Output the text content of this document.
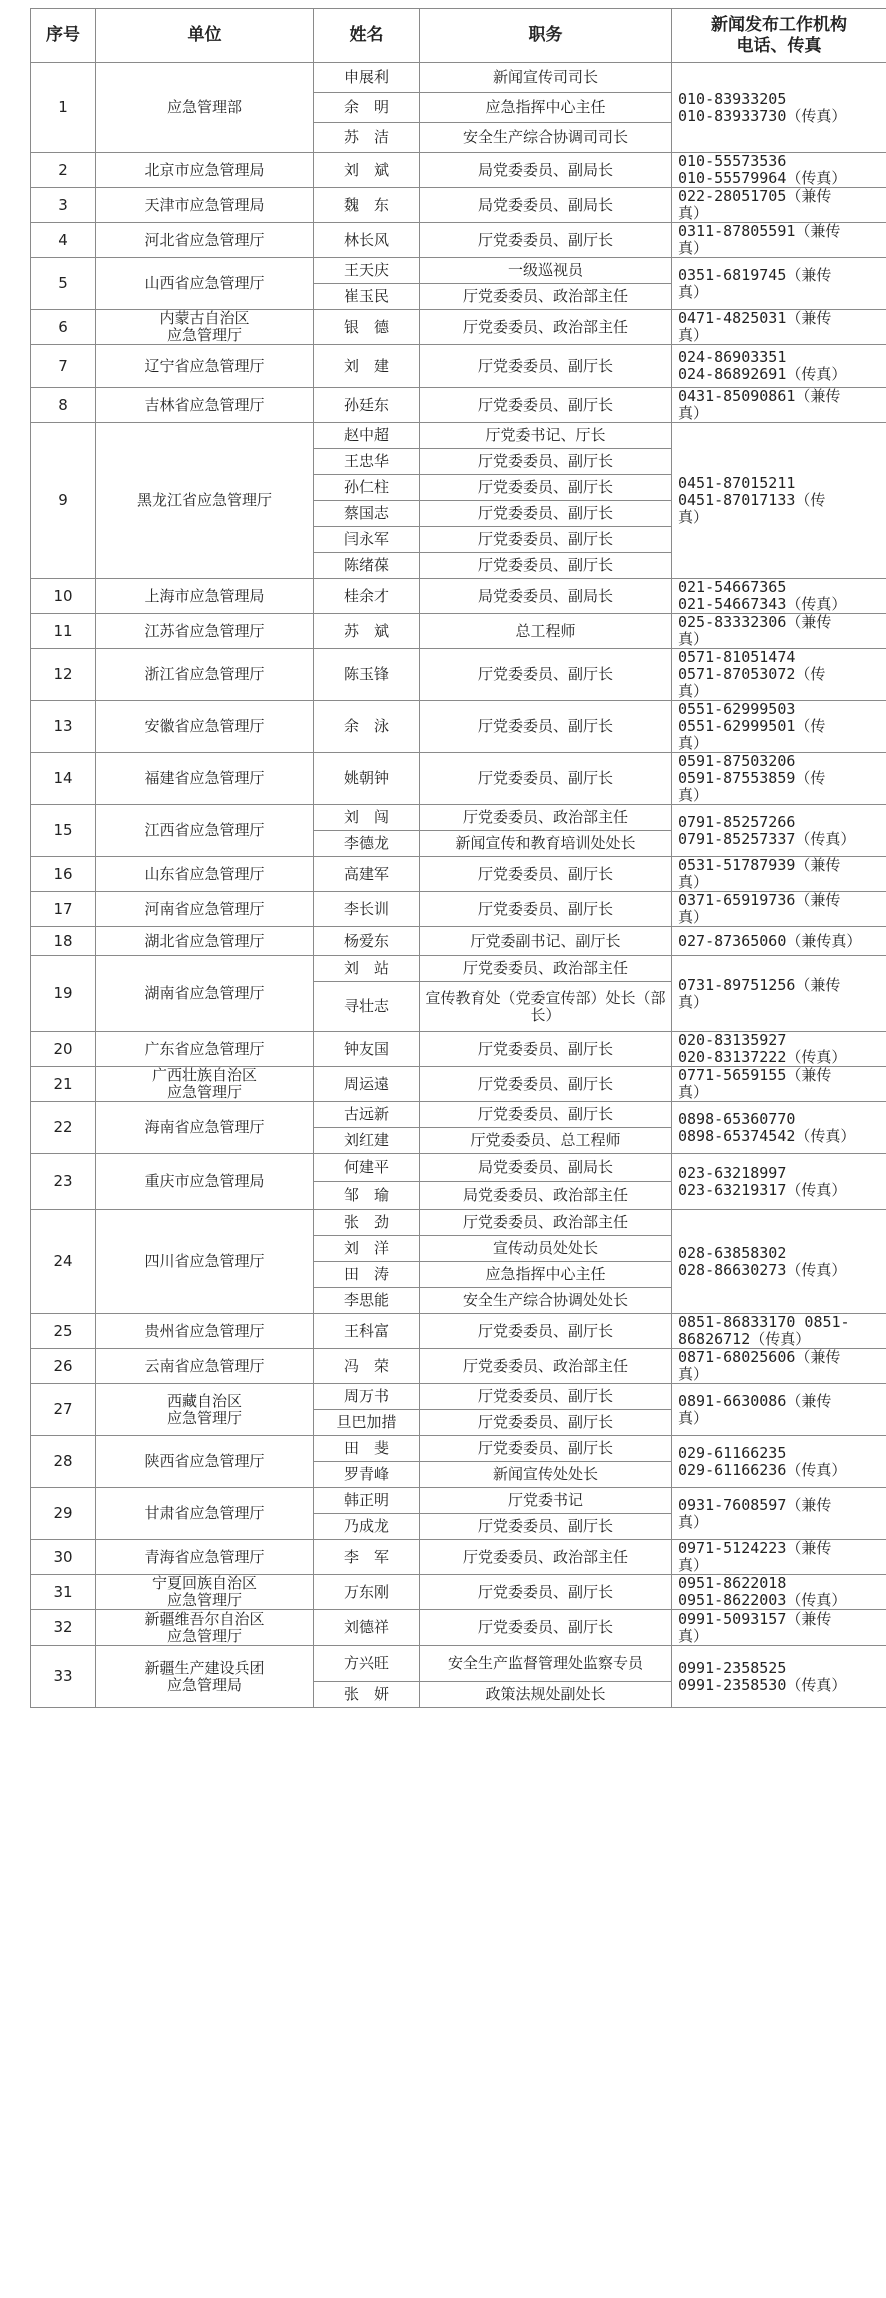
序号	单位	姓名	职务	新闻发布工作机构
电话、传真

1	应急管理部	申展利	新闻宣传司司长	010-83933205
010-83933730（传真）

		余　明	应急指挥中心主任	
		苏　洁	安全生产综合协调司司长	
2	北京市应急管理局	刘　斌	局党委委员、副局长	010-55573536
010-55579964（传真）

3	天津市应急管理局	魏　东	局党委委员、副局长	022-28051705（兼传
真）

4	河北省应急管理厅	林长风	厅党委委员、副厅长	0311-87805591（兼传
真）

5	山西省应急管理厅	王天庆	一级巡视员	0351-6819745（兼传
真）

		崔玉民	厅党委委员、政治部主任	
6	内蒙古自治区
应急管理厅	银　德	厅党委委员、政治部主任	0471-4825031（兼传
真）

7	辽宁省应急管理厅	刘　建	厅党委委员、副厅长	024-86903351
024-86892691（传真）

8	吉林省应急管理厅	孙廷东	厅党委委员、副厅长	0431-85090861（兼传
真）

9	黑龙江省应急管理厅	赵中超	厅党委书记、厅长	0451-87015211
0451-87017133（传
真）

		王忠华	厅党委委员、副厅长	
		孙仁柱	厅党委委员、副厅长	
		蔡国志	厅党委委员、副厅长	
		闫永军	厅党委委员、副厅长	
		陈绪葆	厅党委委员、副厅长	
10	上海市应急管理局	桂余才	局党委委员、副局长	021-54667365
021-54667343（传真）

11	江苏省应急管理厅	苏　斌	总工程师	025-83332306（兼传
真）

12	浙江省应急管理厅	陈玉锋	厅党委委员、副厅长	0571-81051474
0571-87053072（传
真）

13	安徽省应急管理厅	余　泳	厅党委委员、副厅长	0551-62999503
0551-62999501（传
真）

14	福建省应急管理厅	姚朝钟	厅党委委员、副厅长	0591-87503206
0591-87553859（传
真）

15	江西省应急管理厅	刘　闯	厅党委委员、政治部主任	0791-85257266
0791-85257337（传真）

		李德龙	新闻宣传和教育培训处处长	
16	山东省应急管理厅	高建军	厅党委委员、副厅长	0531-51787939（兼传
真）

17	河南省应急管理厅	李长训	厅党委委员、副厅长	0371-65919736（兼传
真）

18	湖北省应急管理厅	杨爱东	厅党委副书记、副厅长	027-87365060（兼传真）

19	湖南省应急管理厅	刘　站	厅党委委员、政治部主任	0731-89751256（兼传
真）

		寻壮志	宣传教育处（党委宣传部）处长（部长）	
20	广东省应急管理厅	钟友国	厅党委委员、副厅长	020-83135927
020-83137222（传真）

21	广西壮族自治区
应急管理厅	周运遠	厅党委委员、副厅长	0771-5659155（兼传
真）

22	海南省应急管理厅	古远新	厅党委委员、副厅长	0898-65360770
0898-65374542（传真）

		刘红建	厅党委委员、总工程师	
23	重庆市应急管理局	何建平	局党委委员、副局长	023-63218997
023-63219317（传真）

		邹　瑜	局党委委员、政治部主任	
24	四川省应急管理厅	张　劲	厅党委委员、政治部主任	028-63858302
028-86630273（传真）

		刘　洋	宣传动员处处长	
		田　涛	应急指挥中心主任	
		李思能	安全生产综合协调处处长	
25	贵州省应急管理厅	王科富	厅党委委员、副厅长	0851-86833170 0851-
86826712（传真）

26	云南省应急管理厅	冯　荣	厅党委委员、政治部主任	0871-68025606（兼传
真）

27	西藏自治区
应急管理厅	周万书	厅党委委员、副厅长	0891-6630086（兼传
真）

		旦巴加措	厅党委委员、副厅长	
28	陕西省应急管理厅	田　斐	厅党委委员、副厅长	029-61166235
029-61166236（传真）

		罗青峰	新闻宣传处处长	
29	甘肃省应急管理厅	韩正明	厅党委书记	0931-7608597（兼传
真）

		乃成龙	厅党委委员、副厅长	
30	青海省应急管理厅	李　军	厅党委委员、政治部主任	0971-5124223（兼传
真）

31	宁夏回族自治区
应急管理厅	万东刚	厅党委委员、副厅长	0951-8622018
0951-8622003（传真）

32	新疆维吾尔自治区
应急管理厅	刘德祥	厅党委委员、副厅长	0991-5093157（兼传
真）

33	新疆生产建设兵团
应急管理局	方兴旺	安全生产监督管理处监察专员	0991-2358525
0991-2358530（传真）

		张　妍	政策法规处副处长	
